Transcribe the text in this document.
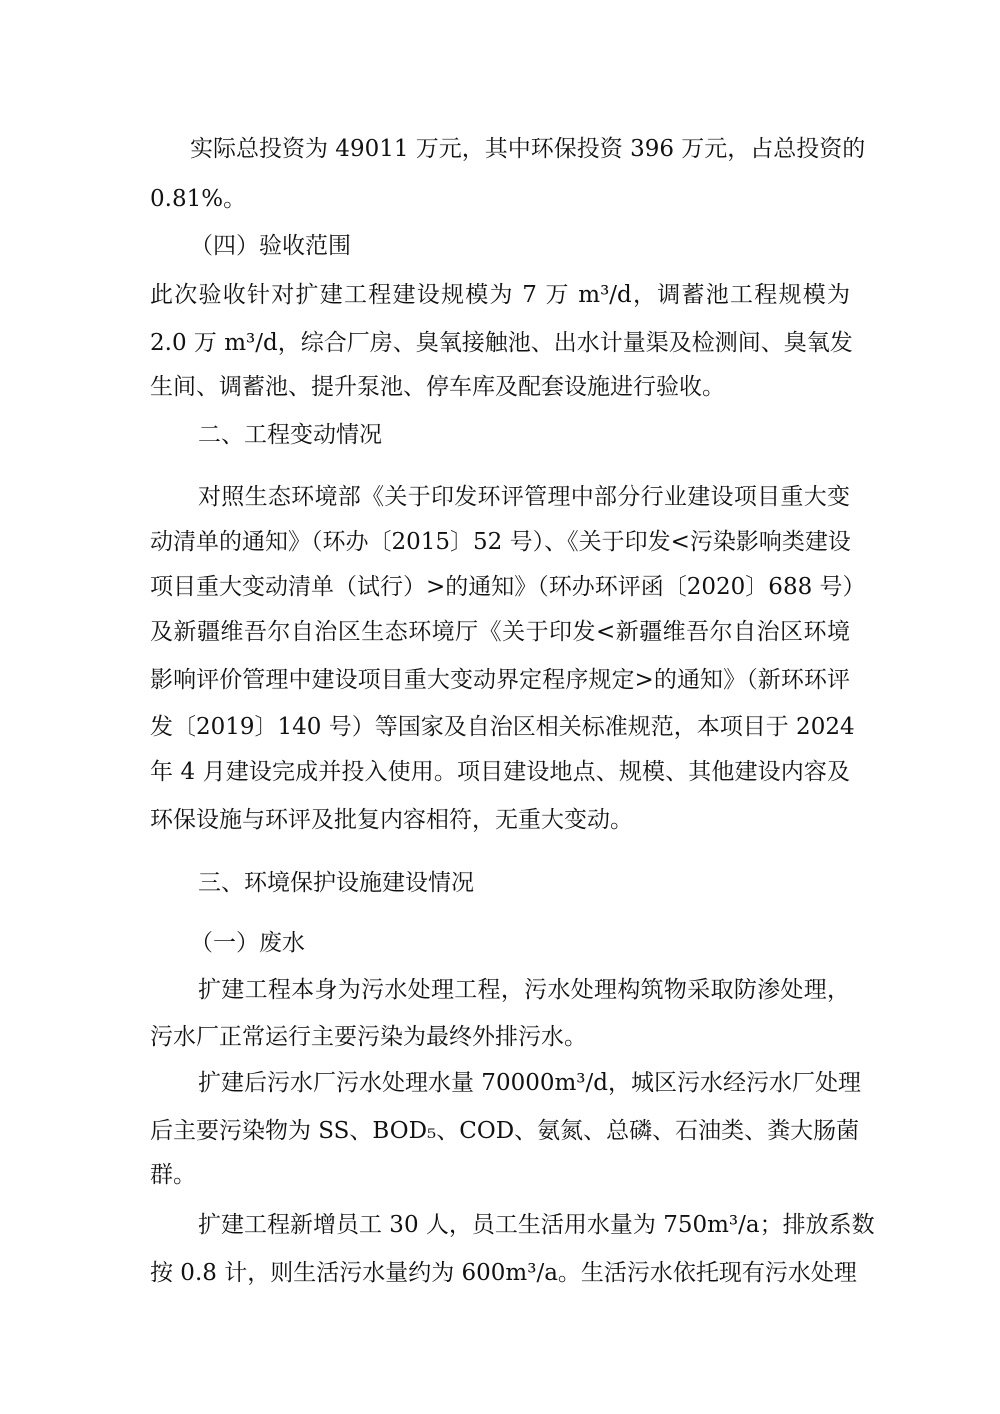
实际总投资为 49011 万元，其中环保投资 396 万元，占总投资的

0.81%。

（四）验收范围

此次验收针对扩建工程建设规模为 7 万 m³/d，调蓄池工程规模为

2.0 万 m³/d，综合厂房、臭氧接触池、出水计量渠及检测间、臭氧发

生间、调蓄池、提升泵池、停车库及配套设施进行验收。

二、工程变动情况

对照生态环境部《关于印发环评管理中部分行业建设项目重大变

动清单的通知》（环办〔2015〕52 号）、《关于印发<污染影响类建设

项目重大变动清单（试行）>的通知》（环办环评函〔2020〕688 号）

及新疆维吾尔自治区生态环境厅《关于印发<新疆维吾尔自治区环境

影响评价管理中建设项目重大变动界定程序规定>的通知》（新环环评

发〔2019〕140 号）等国家及自治区相关标准规范，本项目于 2024

年 4 月建设完成并投入使用。项目建设地点、规模、其他建设内容及

环保设施与环评及批复内容相符，无重大变动。

三、环境保护设施建设情况

（一）废水

扩建工程本身为污水处理工程，污水处理构筑物采取防渗处理，

污水厂正常运行主要污染为最终外排污水。

扩建后污水厂污水处理水量 70000m³/d，城区污水经污水厂处理

后主要污染物为 SS、BOD₅、COD、氨氮、总磷、石油类、粪大肠菌

群。

扩建工程新增员工 30 人，员工生活用水量为 750m³/a；排放系数

按 0.8 计，则生活污水量约为 600m³/a。生活污水依托现有污水处理
